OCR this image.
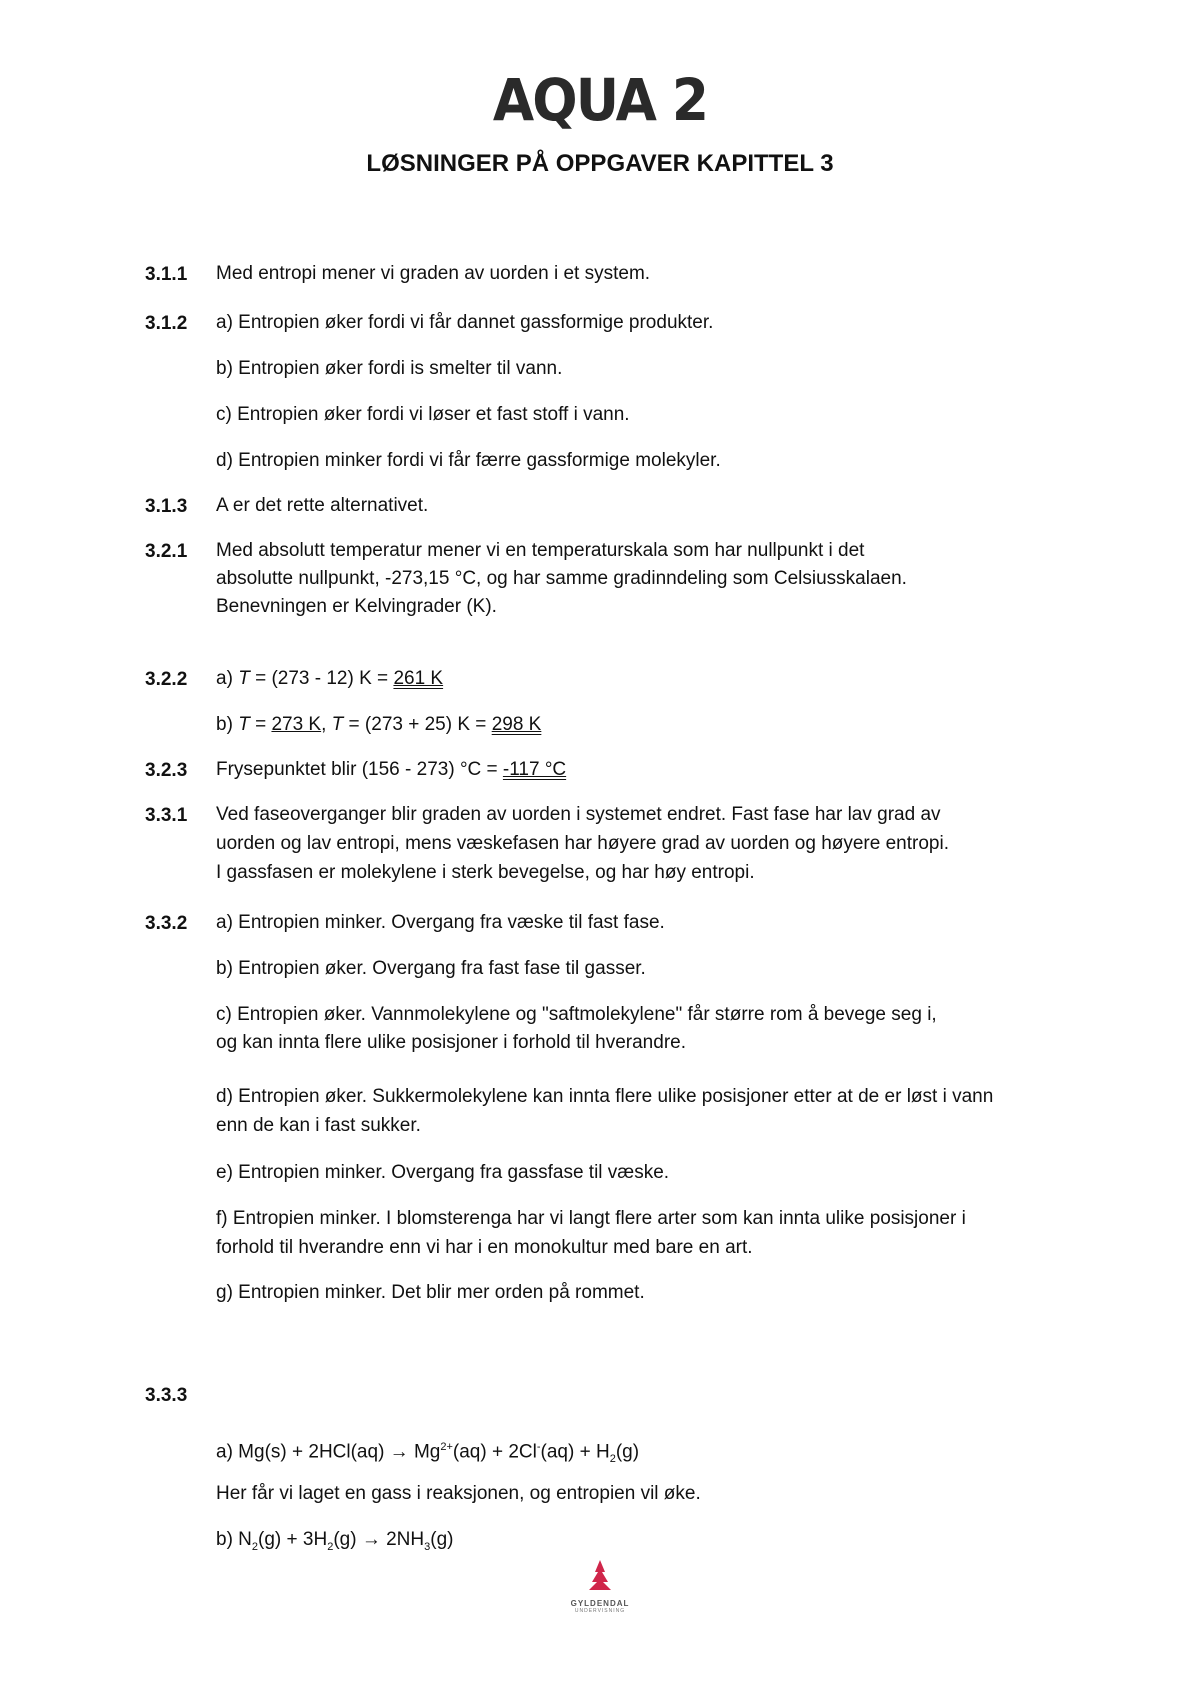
AQUA 2
LØSNINGER PÅ OPPGAVER KAPITTEL 3
3.1.1 Med entropi mener vi graden av uorden i et system.
3.1.2 a) Entropien øker fordi vi får dannet gassformige produkter.
b) Entropien øker fordi is smelter til vann.
c) Entropien øker fordi vi løser et fast stoff i vann.
d) Entropien minker fordi vi får færre gassformige molekyler.
3.1.3 A er det rette alternativet.
3.2.1 Med absolutt temperatur mener vi en temperaturskala som har nullpunkt i det
absolutte nullpunkt, -273,15 °C, og har samme gradinndeling som Celsiusskalaen.
Benevningen er Kelvingrader (K).
3.2.2 a) T = (273 - 12) K = 261 K
b) T = 273 K, T = (273 + 25) K = 298 K
3.2.3 Frysepunktet blir (156 - 273) °C = -117 °C
3.3.1 Ved faseoverganger blir graden av uorden i systemet endret. Fast fase har lav grad av
uorden og lav entropi, mens væskefasen har høyere grad av uorden og høyere entropi.
I gassfasen er molekylene i sterk bevegelse, og har høy entropi.
3.3.2 a) Entropien minker. Overgang fra væske til fast fase.
b) Entropien øker. Overgang fra fast fase til gasser.
c) Entropien øker. Vannmolekylene og "saftmolekylene" får større rom å bevege seg i,
og kan innta flere ulike posisjoner i forhold til hverandre.
d) Entropien øker. Sukkermolekylene kan innta flere ulike posisjoner etter at de er løst i vann
enn de kan i fast sukker.
e) Entropien minker. Overgang fra gassfase til væske.
f) Entropien minker. I blomsterenga har vi langt flere arter som kan innta ulike posisjoner i
forhold til hverandre enn vi har i en monokultur med bare en art.
g) Entropien minker. Det blir mer orden på rommet.
3.3.3
a) $Mg(s) + 2HCl(aq) \to Mg^{2+}(aq) + 2Cl^-(aq) + H_2(g)$
Her får vi laget en gass i reaksjonen, og entropien vil øke.
b) $N_2(g) + 3H_2(g) \to 2NH_3(g)$
GYLDENDAL
UNDERVISNING
